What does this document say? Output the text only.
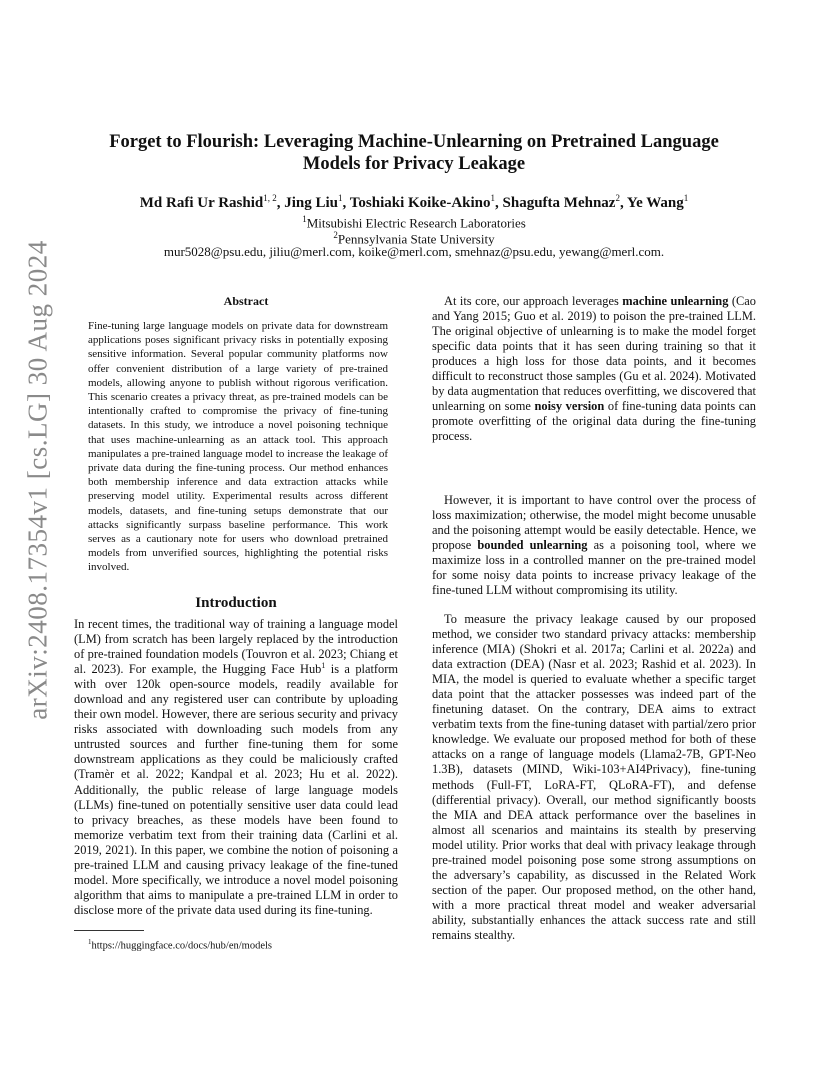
arXiv:2408.17354v1 [cs.LG] 30 Aug 2024
Forget to Flourish: Leveraging Machine-Unlearning on Pretrained Language Models for Privacy Leakage
Md Rafi Ur Rashid$^{1, 2}$, Jing Liu$^1$, Toshiaki Koike-Akino$^1$, Shagufta Mehnaz$^2$, Ye Wang$^1$
$^1$Mitsubishi Electric Research Laboratories
$^2$Pennsylvania State University
mur5028@psu.edu, jiliu@merl.com, koike@merl.com, smehnaz@psu.edu, yewang@merl.com.
Abstract
Fine-tuning large language models on private data for downstream applications poses significant privacy risks in potentially exposing sensitive information. Several popular community platforms now offer convenient distribution of a large variety of pre-trained models, allowing anyone to publish without rigorous verification. This scenario creates a privacy threat, as pre-trained models can be intentionally crafted to compromise the privacy of fine-tuning datasets. In this study, we introduce a novel poisoning technique that uses machine-unlearning as an attack tool. This approach manipulates a pre-trained language model to increase the leakage of private data during the fine-tuning process. Our method enhances both membership inference and data extraction attacks while preserving model utility. Experimental results across different models, datasets, and fine-tuning setups demonstrate that our attacks significantly surpass baseline performance. This work serves as a cautionary note for users who download pretrained models from unverified sources, highlighting the potential risks involved.
Introduction
In recent times, the traditional way of training a language model (LM) from scratch has been largely replaced by the introduction of pre-trained foundation models (Touvron et al. 2023; Chiang et al. 2023). For example, the Hugging Face Hub$^1$ is a platform with over 120k open-source models, readily available for download and any registered user can contribute by uploading their own model. However, there are serious security and privacy risks associated with downloading such models from any untrusted sources and further fine-tuning them for some downstream applications as they could be maliciously crafted (Tramèr et al. 2022; Kandpal et al. 2023; Hu et al. 2022). Additionally, the public release of large language models (LLMs) fine-tuned on potentially sensitive user data could lead to privacy breaches, as these models have been found to memorize verbatim text from their training data (Carlini et al. 2019, 2021). In this paper, we combine the notion of poisoning a pre-trained LLM and causing privacy leakage of the fine-tuned model. More specifically, we introduce a novel model poisoning algorithm that aims to manipulate a pre-trained LLM in order to disclose more of the private data used during its fine-tuning.
At its core, our approach leverages machine unlearning (Cao and Yang 2015; Guo et al. 2019) to poison the pre-trained LLM. The original objective of unlearning is to make the model forget specific data points that it has seen during training so that it produces a high loss for those data points, and it becomes difficult to reconstruct those samples (Gu et al. 2024). Motivated by data augmentation that reduces overfitting, we discovered that unlearning on some noisy version of fine-tuning data points can promote overfitting of the original data during the fine-tuning process.
However, it is important to have control over the process of loss maximization; otherwise, the model might become unusable and the poisoning attempt would be easily detectable. Hence, we propose bounded unlearning as a poisoning tool, where we maximize loss in a controlled manner on the pre-trained model for some noisy data points to increase privacy leakage of the fine-tuned LLM without compromising its utility.
To measure the privacy leakage caused by our proposed method, we consider two standard privacy attacks: membership inference (MIA) (Shokri et al. 2017a; Carlini et al. 2022a) and data extraction (DEA) (Nasr et al. 2023; Rashid et al. 2023). In MIA, the model is queried to evaluate whether a specific target data point that the attacker possesses was indeed part of the finetuning dataset. On the contrary, DEA aims to extract verbatim texts from the fine-tuning dataset with partial/zero prior knowledge. We evaluate our proposed method for both of these attacks on a range of language models (Llama2-7B, GPT-Neo 1.3B), datasets (MIND, Wiki-103+AI4Privacy), fine-tuning methods (Full-FT, LoRA-FT, QLoRA-FT), and defense (differential privacy). Overall, our method significantly boosts the MIA and DEA attack performance over the baselines in almost all scenarios and maintains its stealth by preserving model utility. Prior works that deal with privacy leakage through pre-trained model poisoning pose some strong assumptions on the adversary’s capability, as discussed in the Related Work section of the paper. Our proposed method, on the other hand, with a more practical threat model and weaker adversarial ability, substantially enhances the attack success rate and still remains stealthy.
$^1$https://huggingface.co/docs/hub/en/models
